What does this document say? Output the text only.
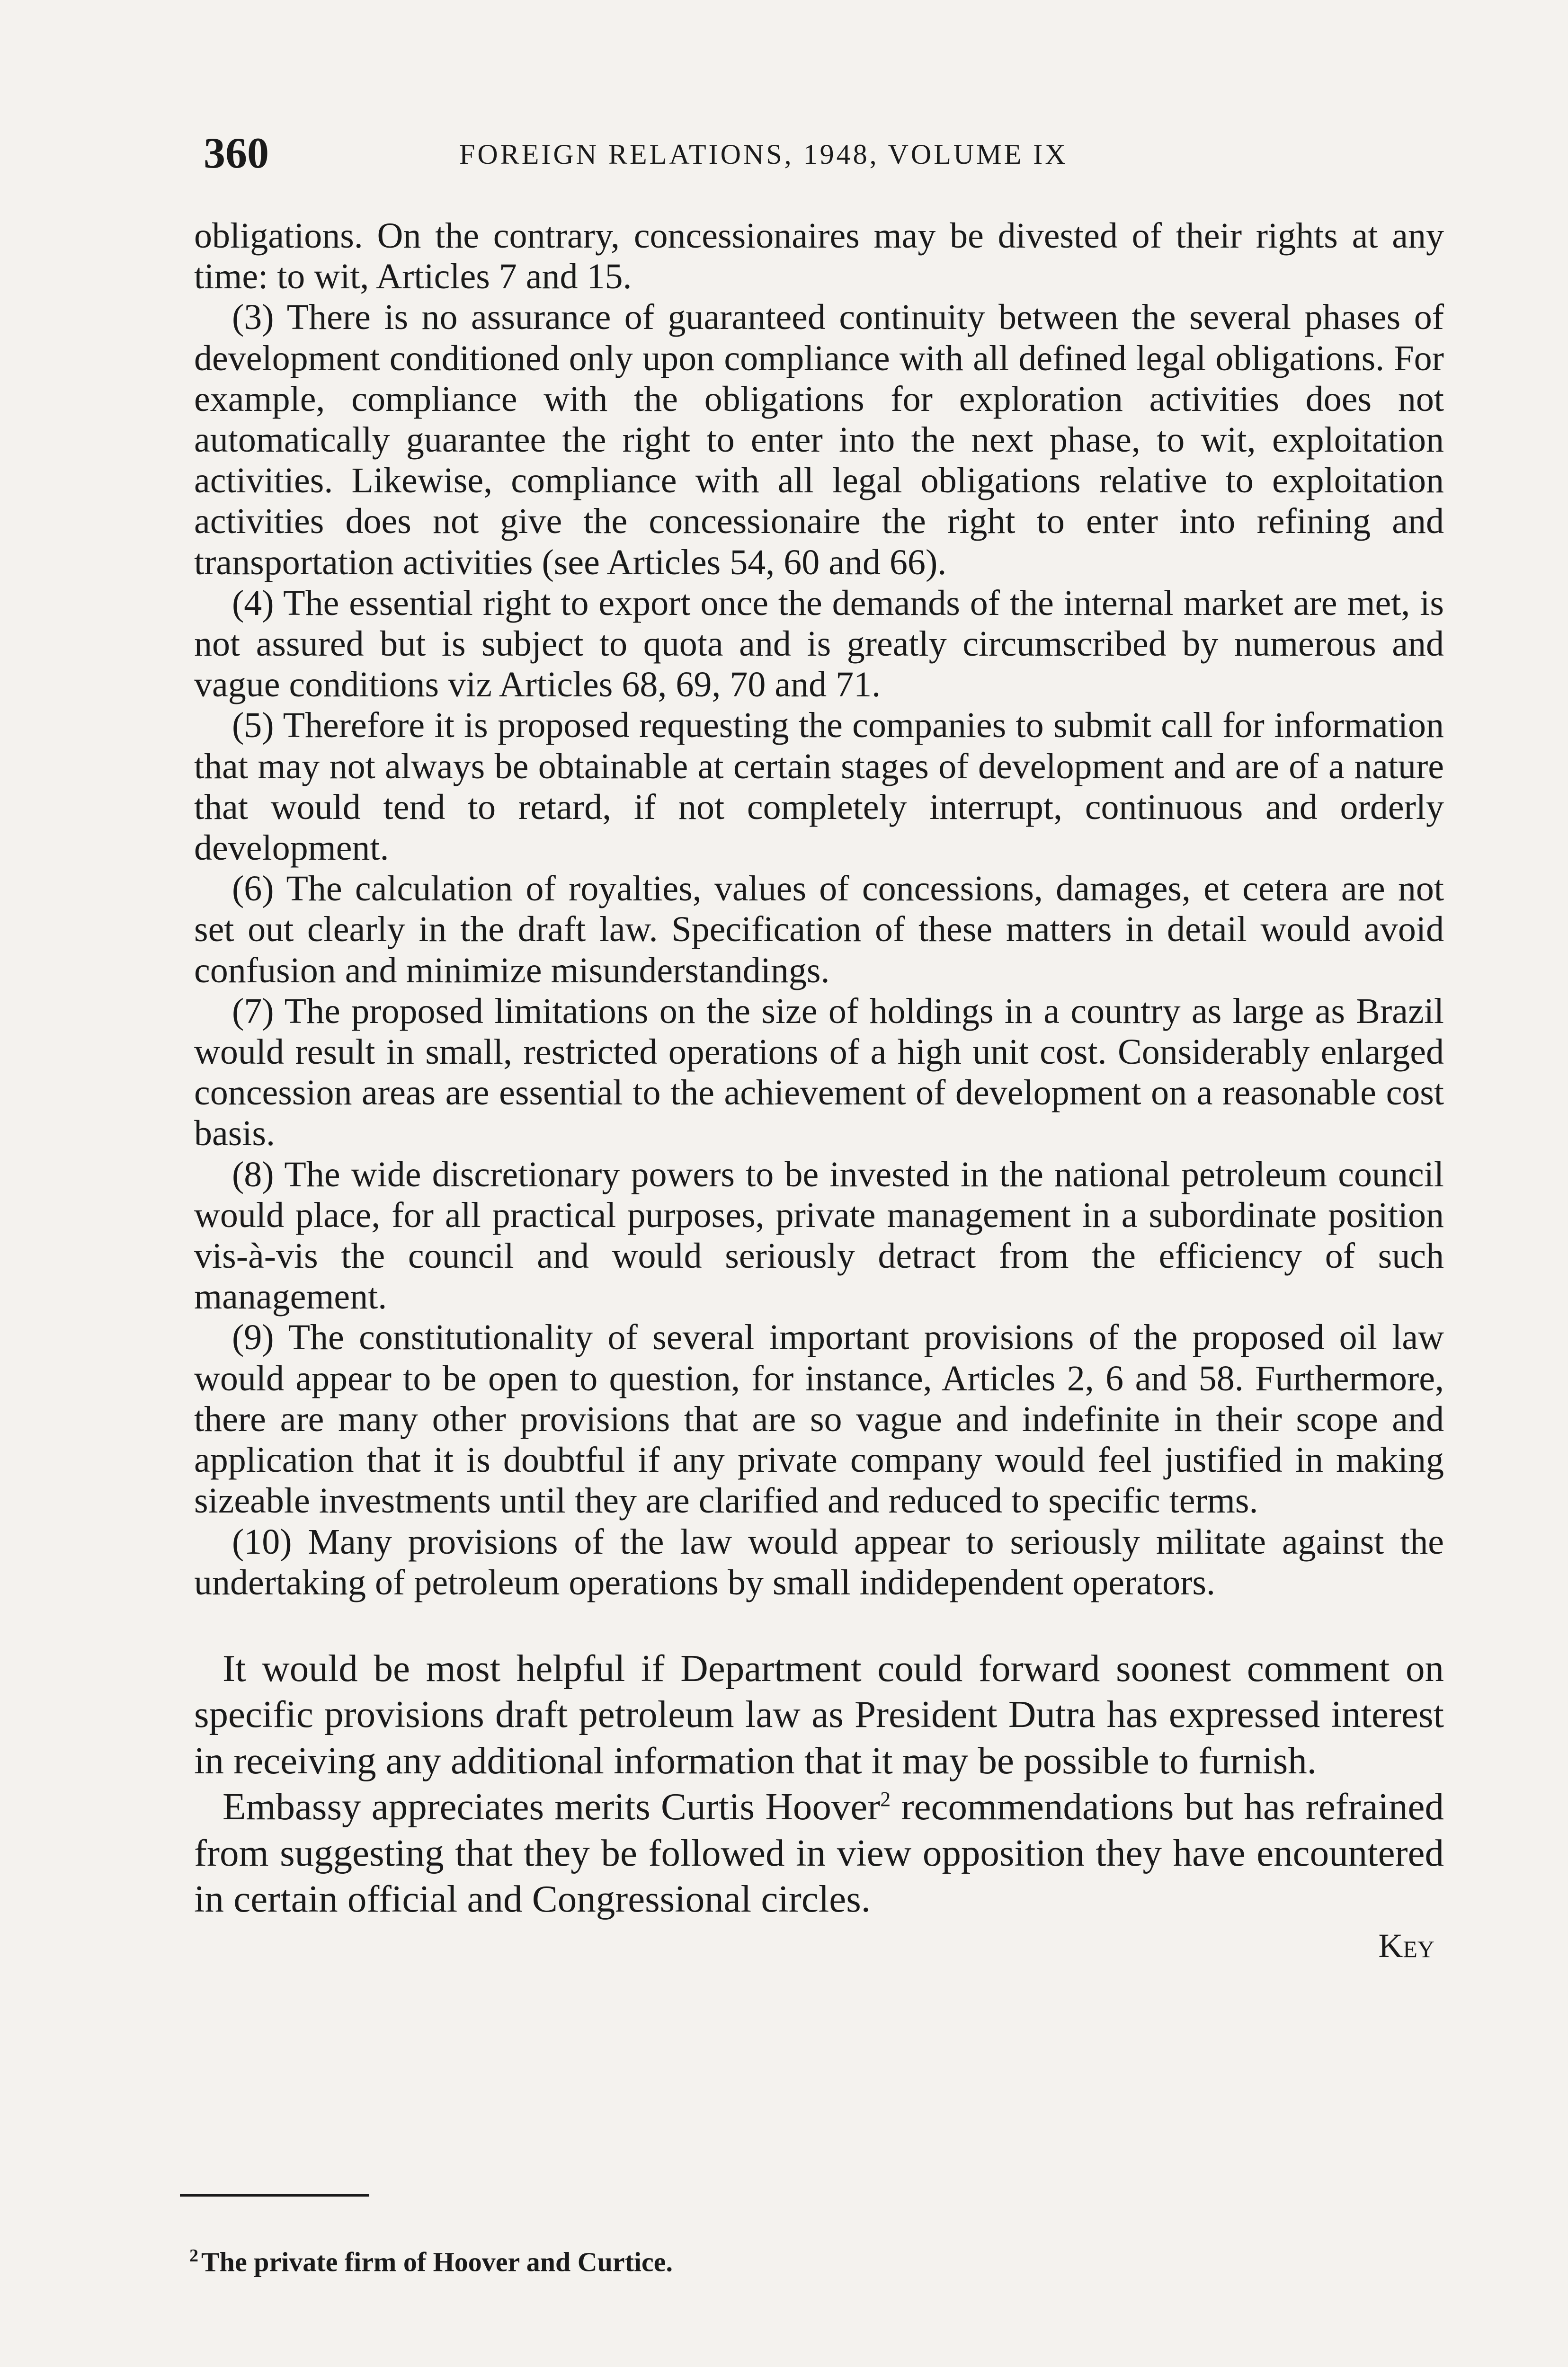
360	FOREIGN RELATIONS, 1948, VOLUME IX

obligations. On the contrary, concessionaires may be divested of their rights at any time: to wit, Articles 7 and 15.

(3) There is no assurance of guaranteed continuity between the several phases of development conditioned only upon compliance with all defined legal obligations. For example, compliance with the obligations for exploration activities does not automatically guarantee the right to enter into the next phase, to wit, exploitation activities. Likewise, compliance with all legal obligations relative to exploitation activities does not give the concessionaire the right to enter into refining and transportation activities (see Articles 54, 60 and 66).

(4) The essential right to export once the demands of the internal market are met, is not assured but is subject to quota and is greatly circumscribed by numerous and vague conditions viz Articles 68, 69, 70 and 71.

(5) Therefore it is proposed requesting the companies to submit call for information that may not always be obtainable at certain stages of development and are of a nature that would tend to retard, if not completely interrupt, continuous and orderly development.

(6) The calculation of royalties, values of concessions, damages, et cetera are not set out clearly in the draft law. Specification of these matters in detail would avoid confusion and minimize misunderstandings.

(7) The proposed limitations on the size of holdings in a country as large as Brazil would result in small, restricted operations of a high unit cost. Considerably enlarged concession areas are essential to the achievement of development on a reasonable cost basis.

(8) The wide discretionary powers to be invested in the national petroleum council would place, for all practical purposes, private management in a subordinate position vis-à-vis the council and would seriously detract from the efficiency of such management.

(9) The constitutionality of several important provisions of the proposed oil law would appear to be open to question, for instance, Articles 2, 6 and 58. Furthermore, there are many other provisions that are so vague and indefinite in their scope and application that it is doubtful if any private company would feel justified in making sizeable investments until they are clarified and reduced to specific terms.

(10) Many provisions of the law would appear to seriously militate against the undertaking of petroleum operations by small indidependent operators.

It would be most helpful if Department could forward soonest comment on specific provisions draft petroleum law as President Dutra has expressed interest in receiving any additional information that it may be possible to furnish.

Embassy appreciates merits Curtis Hoover$^2$ recommendations but has refrained from suggesting that they be followed in view opposition they have encountered in certain official and Congressional circles.

Key
$^2$ The private firm of Hoover and Curtice.
